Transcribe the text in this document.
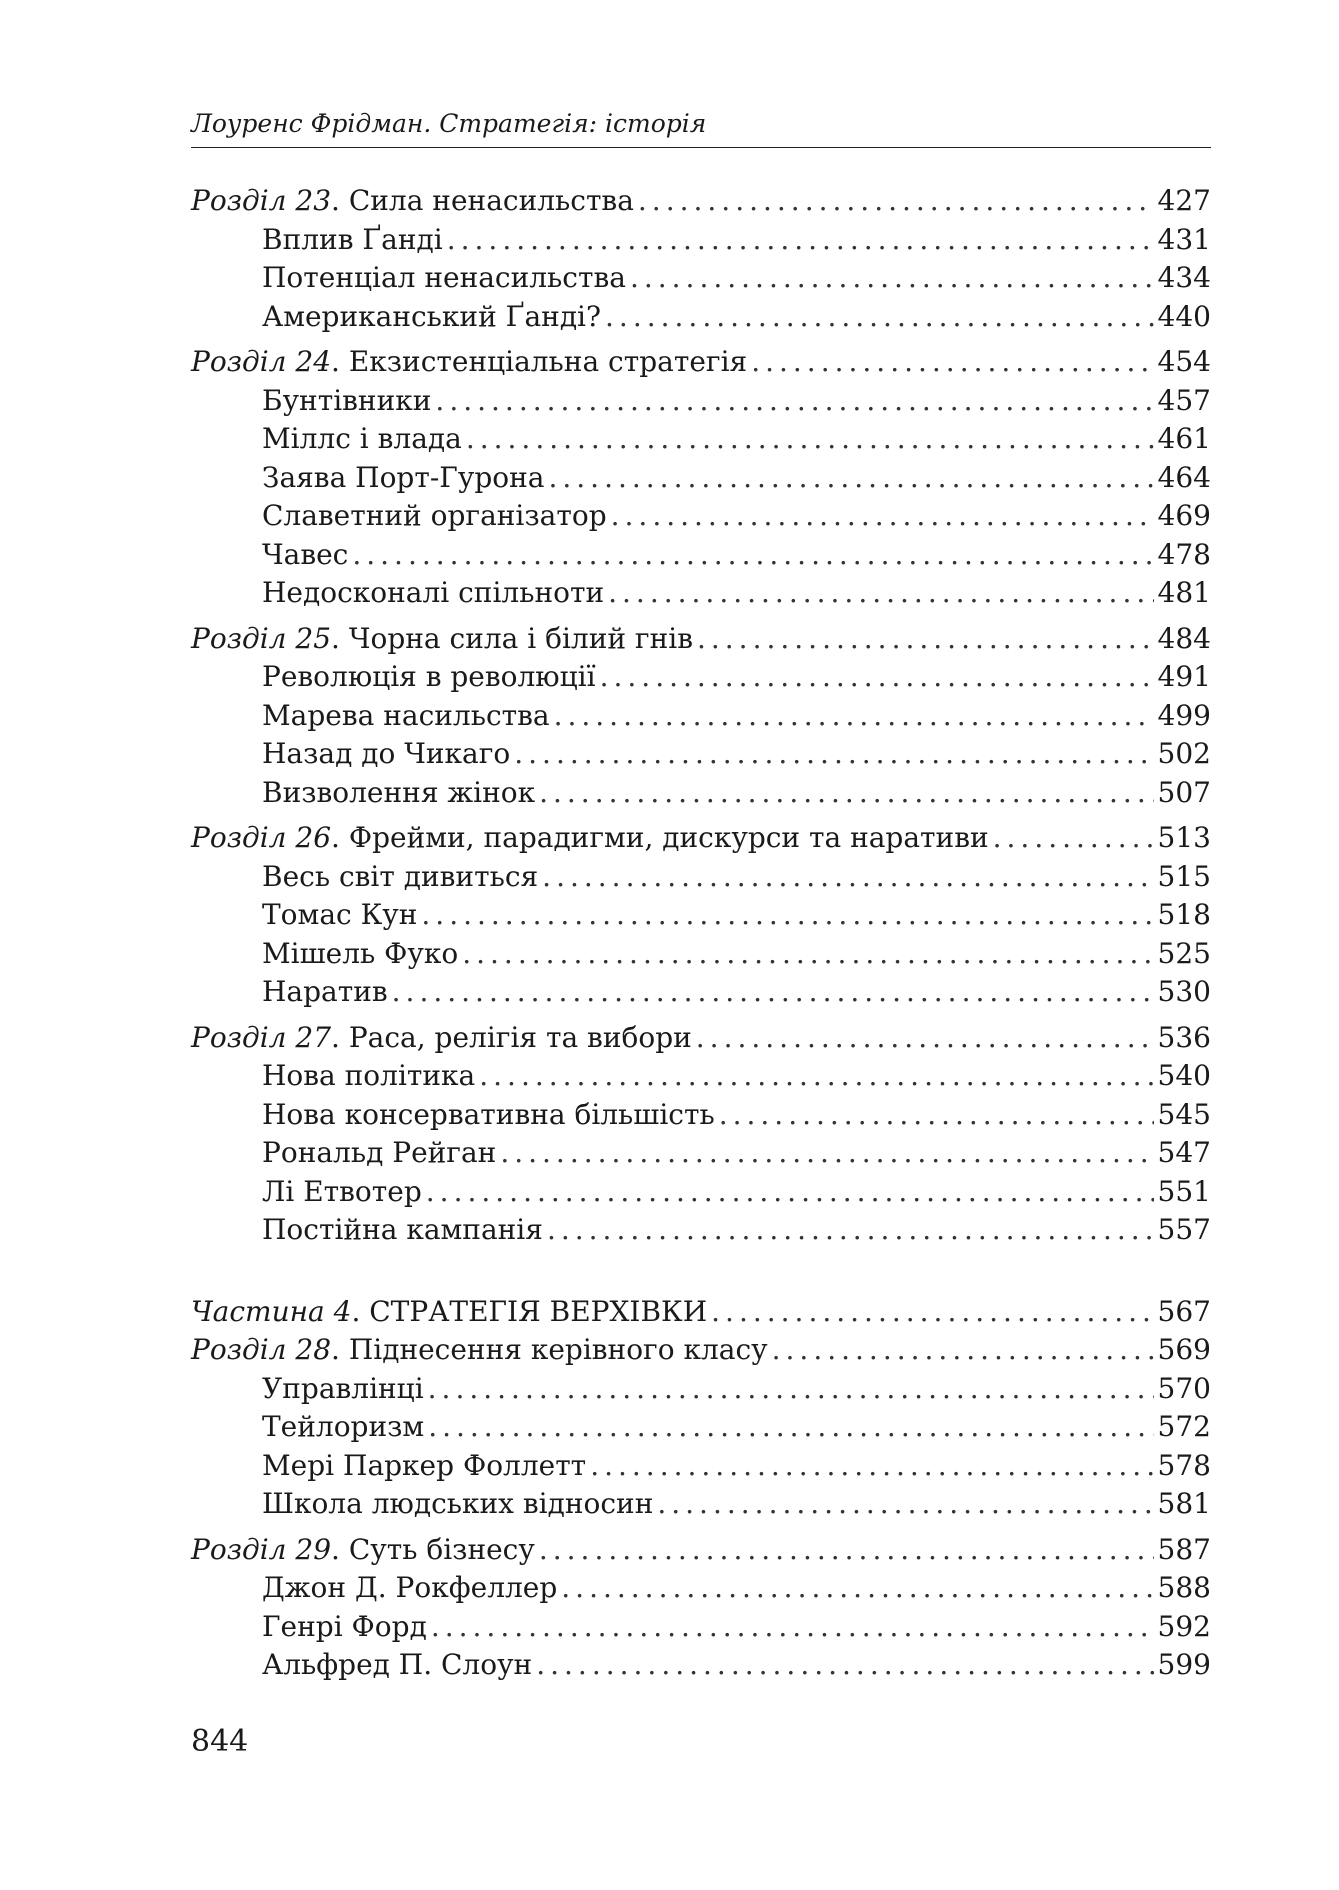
Лоуренс Фрідман. Стратегія: історія
Розділ 23. Сила ненасильства .....	427
Вплив Ґанді .....	431
Потенціал ненасильства .....	434
Американський Ґанді? .....	440
Розділ 24. Екзистенціальна стратегія .....	454
Бунтівники .....	457
Міллс і влада .....	461
Заява Порт-Гурона .....	464
Славетний організатор .....	469
Чавес .....	478
Недосконалі спільноти .....	481
Розділ 25. Чорна сила і білий гнів .....	484
Революція в революції .....	491
Марева насильства .....	499
Назад до Чикаго .....	502
Визволення жінок .....	507
Розділ 26. Фрейми, парадигми, дискурси та наративи .....	513
Весь світ дивиться .....	515
Томас Кун .....	518
Мішель Фуко .....	525
Наратив .....	530
Розділ 27. Раса, релігія та вибори .....	536
Нова політика .....	540
Нова консервативна більшість .....	545
Рональд Рейган .....	547
Лі Етвотер .....	551
Постійна кампанія .....	557
Частина 4. СТРАТЕГІЯ ВЕРХІВКИ .....	567
Розділ 28. Піднесення керівного класу .....	569
Управлінці .....	570
Тейлоризм .....	572
Мері Паркер Фоллетт .....	578
Школа людських відносин .....	581
Розділ 29. Суть бізнесу .....	587
Джон Д. Рокфеллер .....	588
Генрі Форд .....	592
Альфред П. Слоун .....	599
844
